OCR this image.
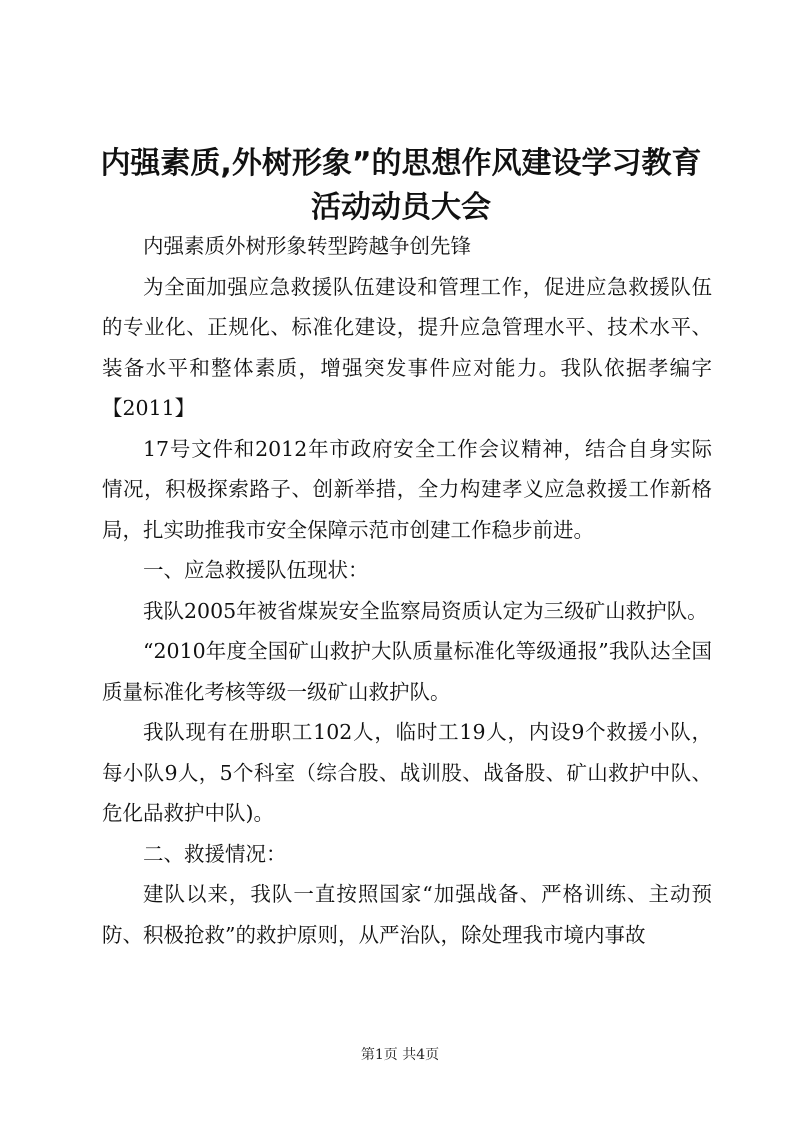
内强素质,外树形象”的思想作风建设学习教育活动动员大会

内强素质外树形象转型跨越争创先锋

为全面加强应急救援队伍建设和管理工作，促进应急救援队伍的专业化、正规化、标准化建设，提升应急管理水平、技术水平、装备水平和整体素质，增强突发事件应对能力。我队依据孝编字【2011】

17号文件和2012年市政府安全工作会议精神，结合自身实际情况，积极探索路子、创新举措，全力构建孝义应急救援工作新格局，扎实助推我市安全保障示范市创建工作稳步前进。

一、应急救援队伍现状：

我队2005年被省煤炭安全监察局资质认定为三级矿山救护队。

“2010年度全国矿山救护大队质量标准化等级通报”我队达全国质量标准化考核等级一级矿山救护队。

我队现有在册职工102人，临时工19人，内设9个救援小队，每小队9人，5个科室（综合股、战训股、战备股、矿山救护中队、危化品救护中队)。

二、救援情况：

建队以来，我队一直按照国家“加强战备、严格训练、主动预防、积极抢救”的救护原则，从严治队，除处理我市境内事故

第1页 共4页
